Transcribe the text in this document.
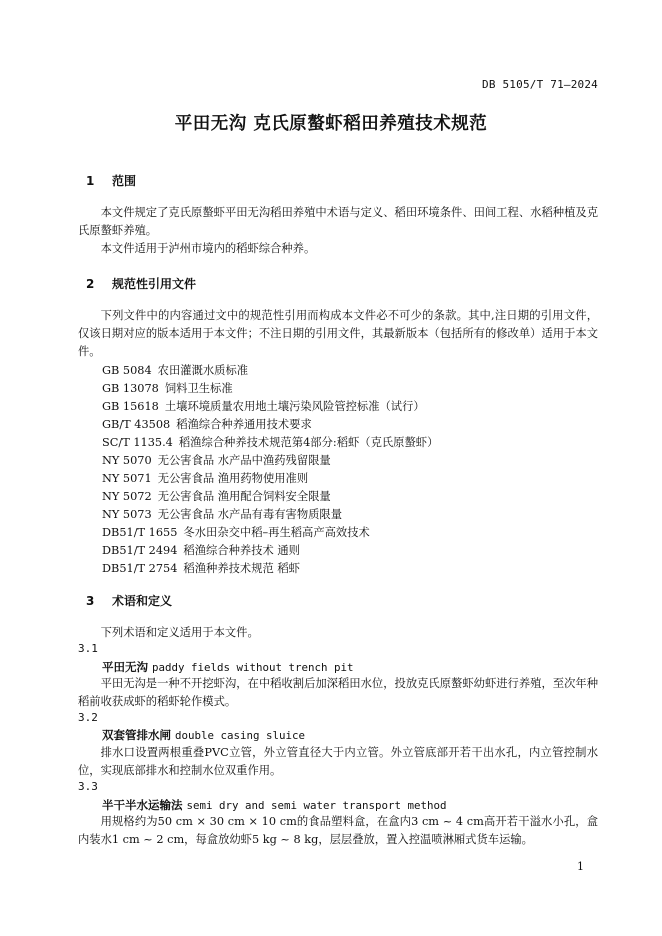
DB 5105/T 71—2024
平田无沟 克氏原螯虾稻田养殖技术规范
1 范围
本文件规定了克氏原螯虾平田无沟稻田养殖中术语与定义、稻田环境条件、田间工程、水稻种植及克氏原螯虾养殖。
本文件适用于泸州市境内的稻虾综合种养。
2 规范性引用文件
下列文件中的内容通过文中的规范性引用而构成本文件必不可少的条款。其中,注日期的引用文件，仅该日期对应的版本适用于本文件；不注日期的引用文件，其最新版本（包括所有的修改单）适用于本文件。
GB 5084 农田灌溉水质标准
GB 13078 饲料卫生标准
GB 15618 土壤环境质量农用地土壤污染风险管控标准（试行）
GB/T 43508 稻渔综合种养通用技术要求
SC/T 1135.4 稻渔综合种养技术规范第4部分:稻虾（克氏原螯虾）
NY 5070 无公害食品 水产品中渔药残留限量
NY 5071 无公害食品 渔用药物使用准则
NY 5072 无公害食品 渔用配合饲料安全限量
NY 5073 无公害食品 水产品有毒有害物质限量
DB51/T 1655 冬水田杂交中稻–再生稻高产高效技术
DB51/T 2494 稻渔综合种养技术 通则
DB51/T 2754 稻渔种养技术规范 稻虾
3 术语和定义
下列术语和定义适用于本文件。
3.1
平田无沟 paddy fields without trench pit
平田无沟是一种不开挖虾沟，在中稻收割后加深稻田水位，投放克氏原螯虾幼虾进行养殖，至次年种稻前收获成虾的稻虾轮作模式。
3.2
双套管排水闸 double casing sluice
排水口设置两根重叠PVC立管，外立管直径大于内立管。外立管底部开若干出水孔，内立管控制水位，实现底部排水和控制水位双重作用。
3.3
半干半水运输法 semi dry and semi water transport method
用规格约为50 cm × 30 cm × 10 cm的食品塑料盒，在盒内3 cm ~ 4 cm高开若干溢水小孔，盒内装水1 cm ~ 2 cm，每盒放幼虾5 kg ~ 8 kg，层层叠放，置入控温喷淋厢式货车运输。
1
